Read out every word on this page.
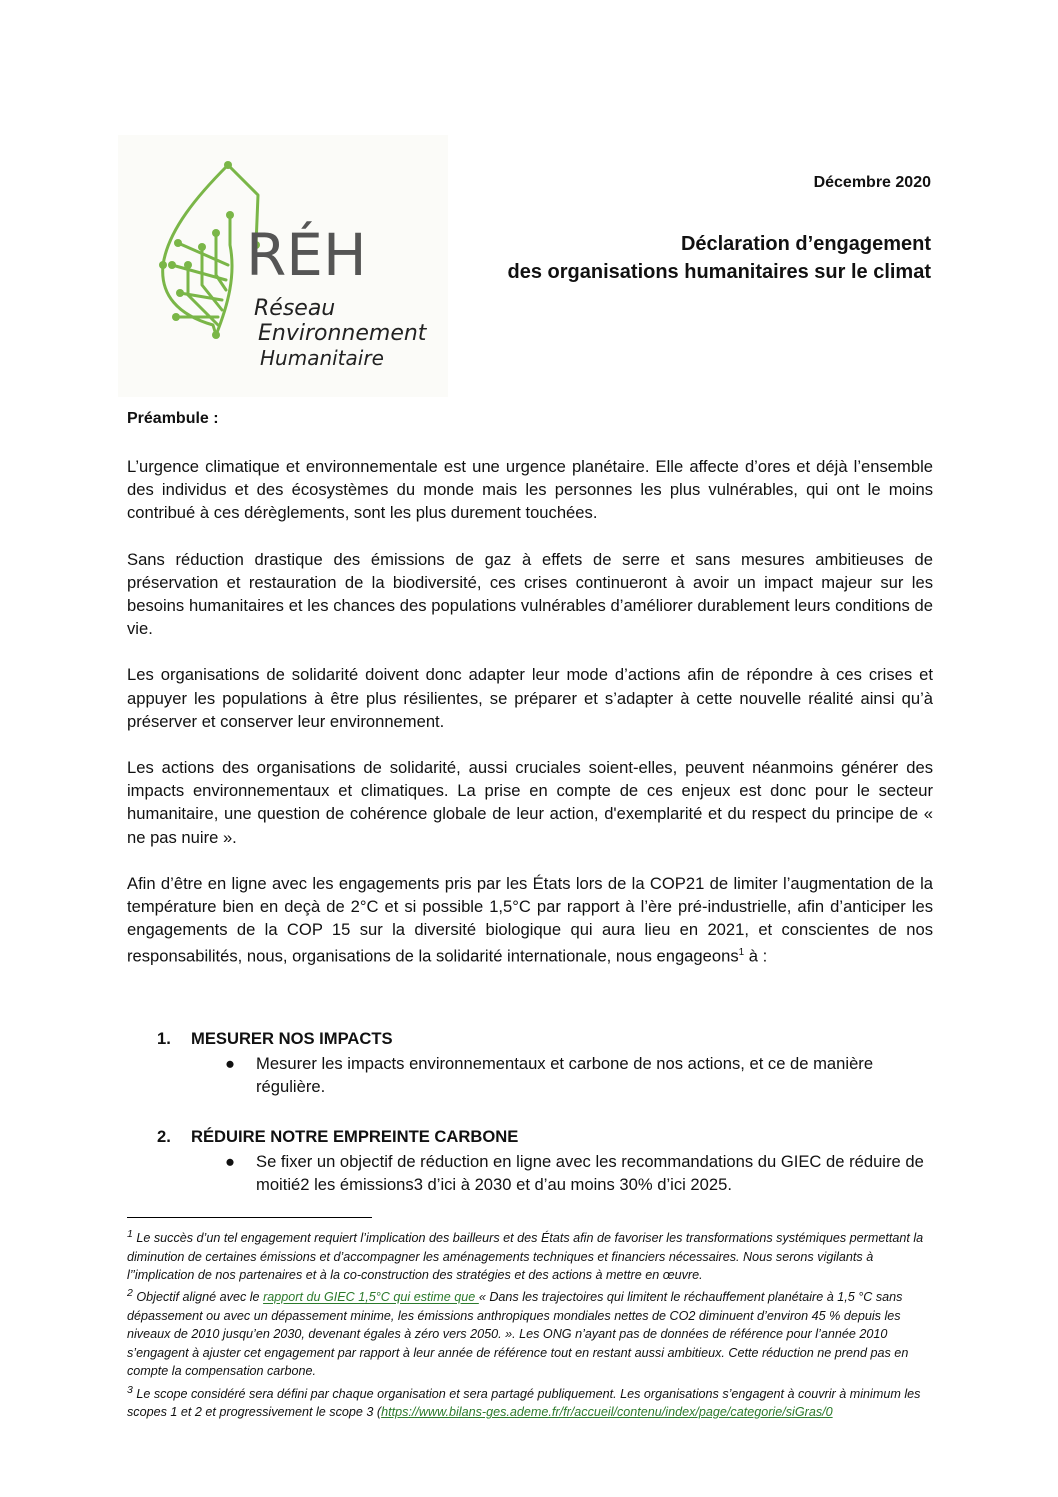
RÉH
Réseau
Environnement
Humanitaire
Décembre 2020
Déclaration d’engagement
des organisations humanitaires sur le climat
Préambule :

L’urgence climatique et environnementale est une urgence planétaire. Elle affecte d’ores et déjà l’ensemble des individus et des écosystèmes du monde mais les personnes les plus vulnérables, qui ont le moins contribué à ces dérèglements, sont les plus durement touchées.

Sans réduction drastique des émissions de gaz à effets de serre et sans mesures ambitieuses de préservation et restauration de la biodiversité, ces crises continueront à avoir un impact majeur sur les besoins humanitaires et les chances des populations vulnérables d’améliorer durablement leurs conditions de vie.

Les organisations de solidarité doivent donc adapter leur mode d’actions afin de répondre à ces crises et appuyer les populations à être plus résilientes, se préparer et s’adapter à cette nouvelle réalité ainsi qu’à préserver et conserver leur environnement.

Les actions des organisations de solidarité, aussi cruciales soient-elles, peuvent néanmoins générer des impacts environnementaux et climatiques. La prise en compte de ces enjeux est donc pour le secteur humanitaire, une question de cohérence globale de leur action, d'exemplarité et du respect du principe de « ne pas nuire ».

Afin d’être en ligne avec les engagements pris par les États lors de la COP21 de limiter l’augmentation de la température bien en deçà de 2°C et si possible 1,5°C par rapport à l’ère pré-industrielle, afin d’anticiper les engagements de la COP 15 sur la diversité biologique qui aura lieu en 2021, et conscientes de nos responsabilités, nous, organisations de la solidarité internationale, nous engageons$^1$ à :

1.	MESURER NOS IMPACTS
● Mesurer les impacts environnementaux et carbone de nos actions, et ce de manière régulière.
2.	RÉDUIRE NOTRE EMPREINTE CARBONE
● Se fixer un objectif de réduction en ligne avec les recommandations du GIEC de réduire de moitié2 les émissions3 d’ici à 2030 et d’au moins 30% d’ici 2025.

$^1$ Le succès d’un tel engagement requiert l’implication des bailleurs et des États afin de favoriser les transformations systémiques permettant la diminution de certaines émissions et d’accompagner les aménagements techniques et financiers nécessaires. Nous serons vigilants à l’’implication de nos partenaires et à la co-construction des stratégies et des actions à mettre en œuvre.

$^2$ Objectif aligné avec le rapport du GIEC 1,5°C qui estime que « Dans les trajectoires qui limitent le réchauffement planétaire à 1,5 °C sans dépassement ou avec un dépassement minime, les émissions anthropiques mondiales nettes de CO2 diminuent d’environ 45 % depuis les niveaux de 2010 jusqu’en 2030, devenant égales à zéro vers 2050. ». Les ONG n’ayant pas de données de référence pour l’année 2010 s’engagent à ajuster cet engagement par rapport à leur année de référence tout en restant aussi ambitieux. Cette réduction ne prend pas en compte la compensation carbone.

$^3$ Le scope considéré sera défini par chaque organisation et sera partagé publiquement. Les organisations s’engagent à couvrir à minimum les scopes 1 et 2 et progressivement le scope 3 (https://www.bilans-ges.ademe.fr/fr/accueil/contenu/index/page/categorie/siGras/0
